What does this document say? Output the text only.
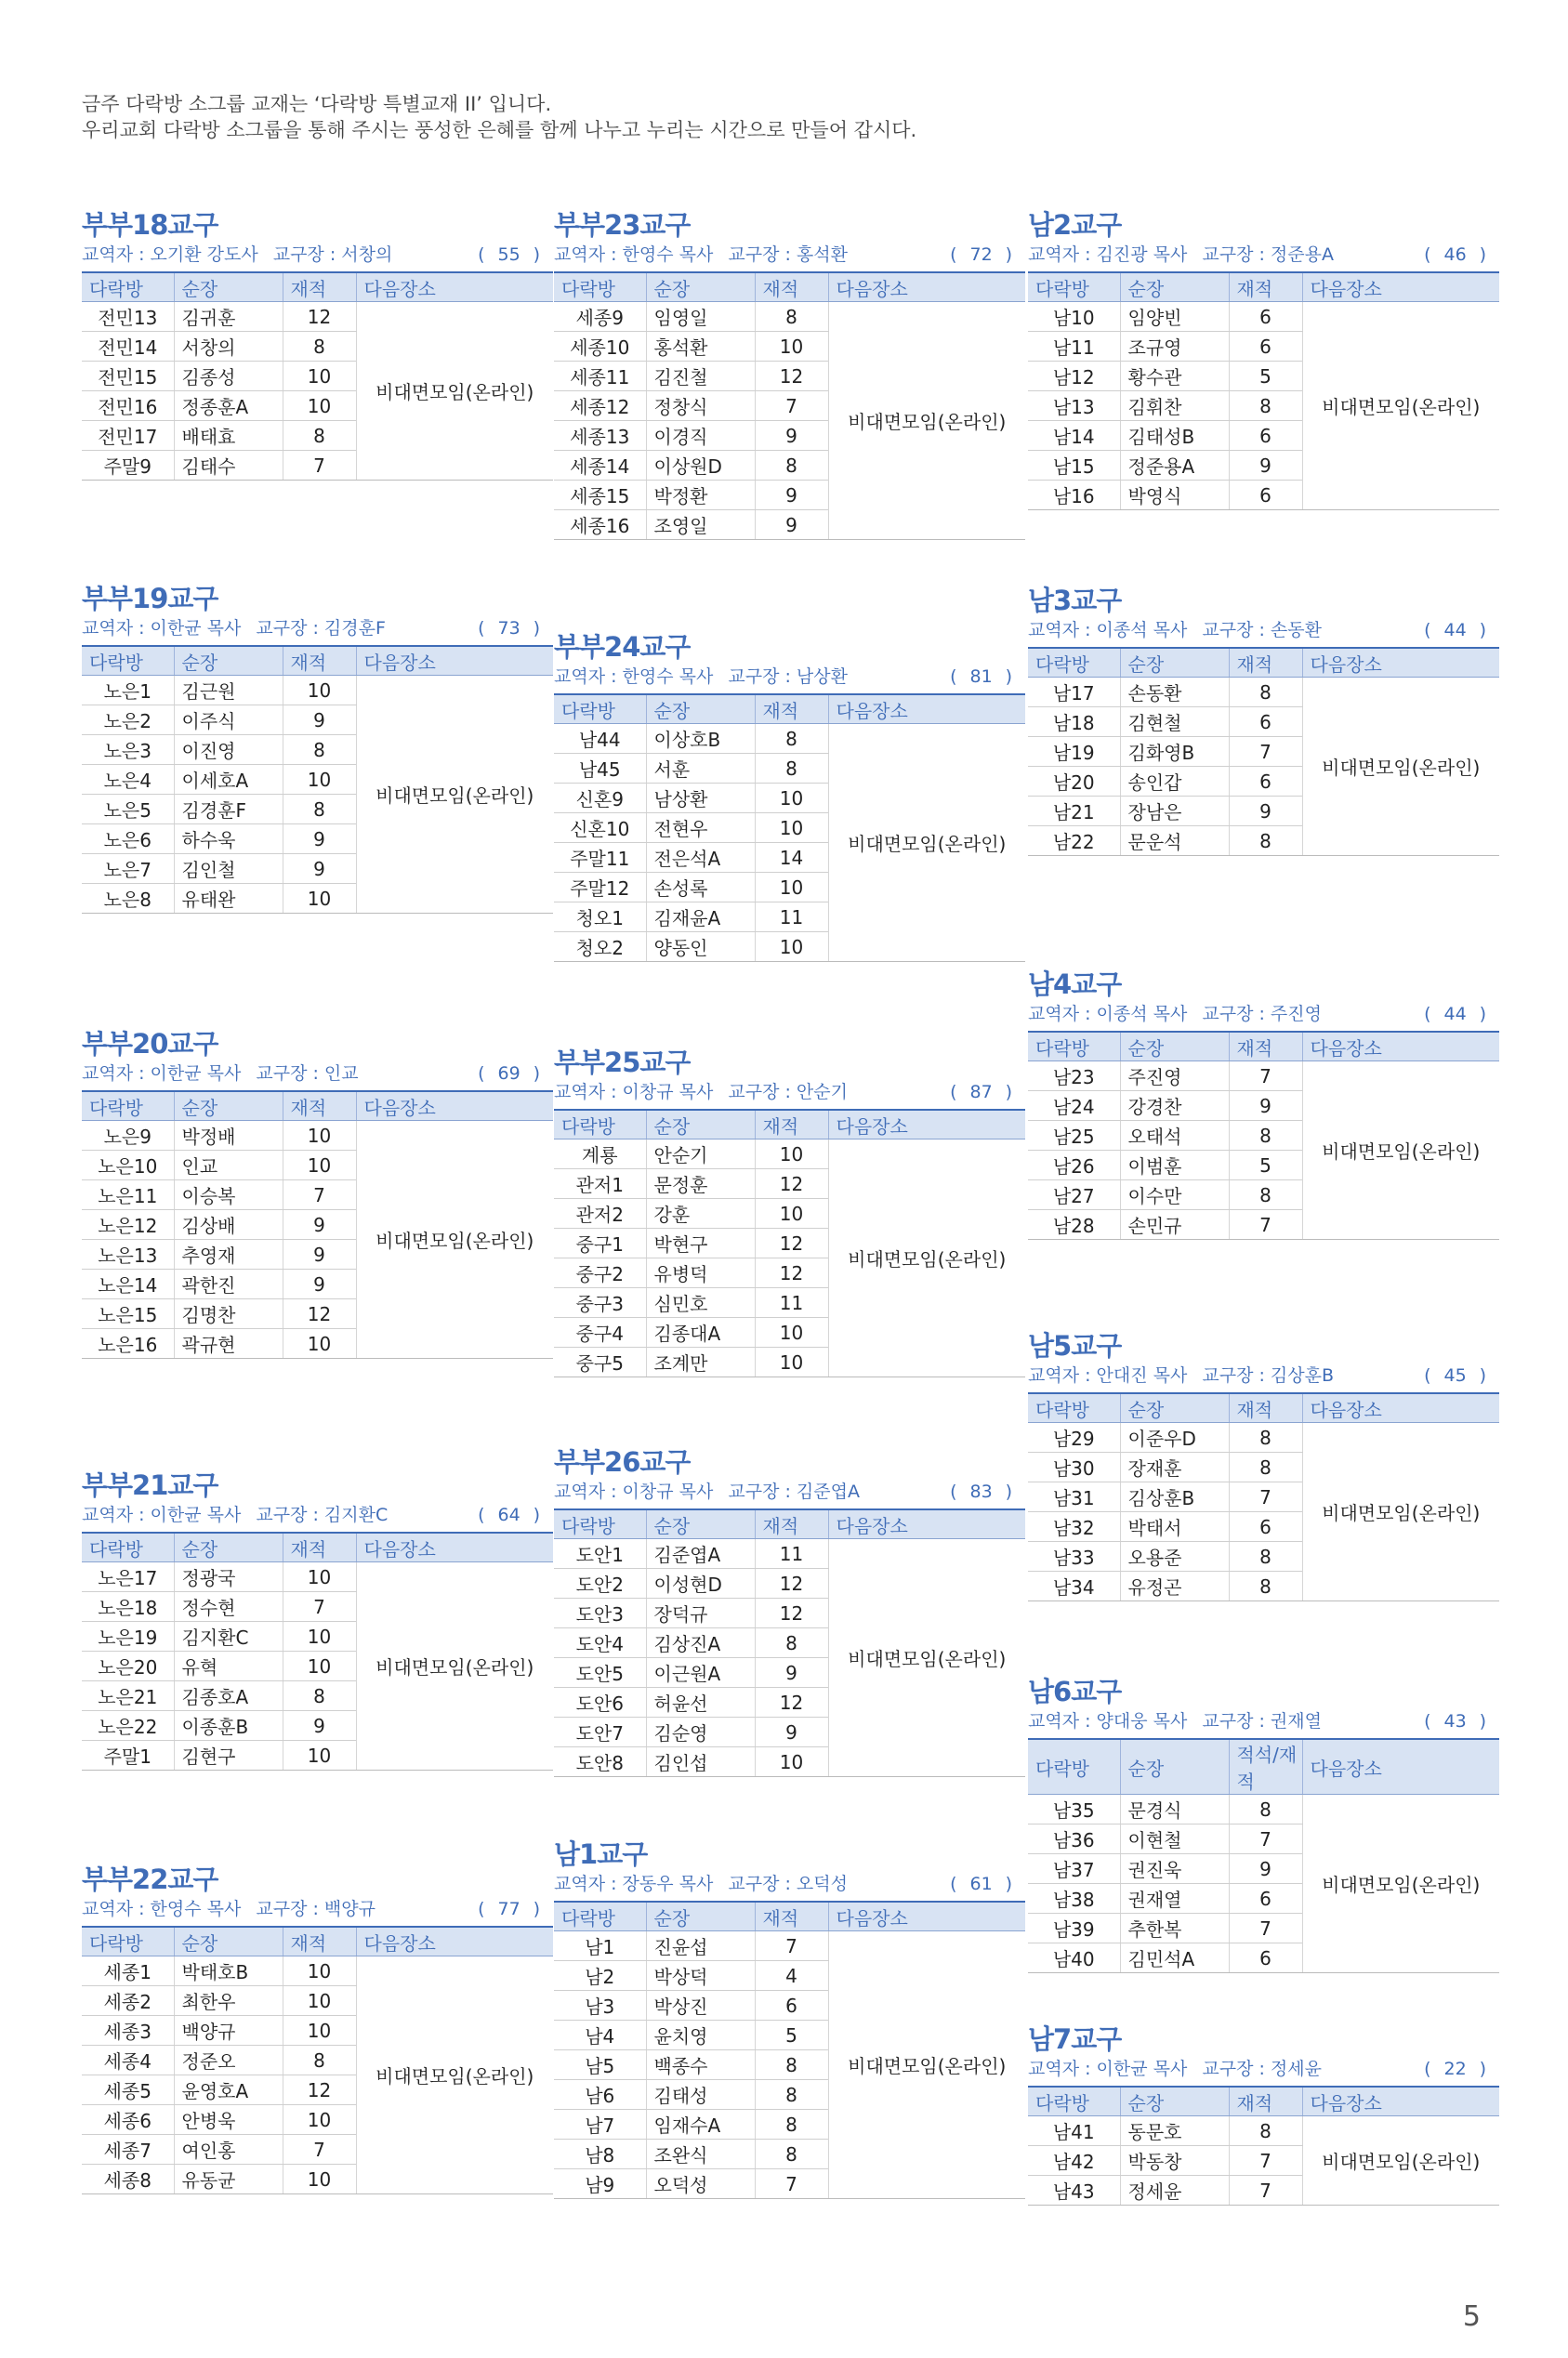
금주 다락방 소그룹 교재는 ‘다락방 특별교재 II’ 입니다.
우리교회 다락방 소그룹을 통해 주시는 풍성한 은혜를 함께 나누고 누리는 시간으로 만들어 갑시다.
부부18교구
교역자 : 오기환 강도사 교구장 : 서창의	( 55 )
다락방	순장	재적	다음장소
전민13	김귀훈	12	비대면모임(온라인)
전민14	서창의	8	
전민15	김종성	10	
전민16	정종훈A	10	
전민17	배태효	8	
주말9	김태수	7	
부부19교구
교역자 : 이한균 목사 교구장 : 김경훈F	( 73 )
다락방	순장	재적	다음장소
노은1	김근원	10	비대면모임(온라인)
노은2	이주식	9	
노은3	이진영	8	
노은4	이세호A	10	
노은5	김경훈F	8	
노은6	하수욱	9	
노은7	김인철	9	
노은8	유태완	10	
부부20교구
교역자 : 이한균 목사 교구장 : 인교	( 69 )
다락방	순장	재적	다음장소
노은9	박정배	10	비대면모임(온라인)
노은10	인교	10	
노은11	이승복	7	
노은12	김상배	9	
노은13	추영재	9	
노은14	곽한진	9	
노은15	김명찬	12	
노은16	곽규현	10	
부부21교구
교역자 : 이한균 목사 교구장 : 김지환C	( 64 )
다락방	순장	재적	다음장소
노은17	정광국	10	비대면모임(온라인)
노은18	정수현	7	
노은19	김지환C	10	
노은20	유혁	10	
노은21	김종호A	8	
노은22	이종훈B	9	
주말1	김현구	10	
부부22교구
교역자 : 한영수 목사 교구장 : 백양규	( 77 )
다락방	순장	재적	다음장소
세종1	박태호B	10	비대면모임(온라인)
세종2	최한우	10	
세종3	백양규	10	
세종4	정준오	8	
세종5	윤영호A	12	
세종6	안병욱	10	
세종7	여인홍	7	
세종8	유동균	10	
부부23교구
교역자 : 한영수 목사 교구장 : 홍석환	( 72 )
다락방	순장	재적	다음장소
세종9	임영일	8	비대면모임(온라인)
세종10	홍석환	10	
세종11	김진철	12	
세종12	정창식	7	
세종13	이경직	9	
세종14	이상원D	8	
세종15	박정환	9	
세종16	조영일	9	
부부24교구
교역자 : 한영수 목사 교구장 : 남상환	( 81 )
다락방	순장	재적	다음장소
남44	이상호B	8	비대면모임(온라인)
남45	서훈	8	
신혼9	남상환	10	
신혼10	전현우	10	
주말11	전은석A	14	
주말12	손성록	10	
청오1	김재윤A	11	
청오2	양동인	10	
부부25교구
교역자 : 이창규 목사 교구장 : 안순기	( 87 )
다락방	순장	재적	다음장소
계룡	안순기	10	비대면모임(온라인)
관저1	문정훈	12	
관저2	강훈	10	
중구1	박현구	12	
중구2	유병덕	12	
중구3	심민호	11	
중구4	김종대A	10	
중구5	조계만	10	
부부26교구
교역자 : 이창규 목사 교구장 : 김준엽A	( 83 )
다락방	순장	재적	다음장소
도안1	김준엽A	11	비대면모임(온라인)
도안2	이성현D	12	
도안3	장덕규	12	
도안4	김상진A	8	
도안5	이근원A	9	
도안6	허윤선	12	
도안7	김순영	9	
도안8	김인섭	10	
남1교구
교역자 : 장동우 목사 교구장 : 오덕성	( 61 )
다락방	순장	재적	다음장소
남1	진윤섭	7	비대면모임(온라인)
남2	박상덕	4	
남3	박상진	6	
남4	윤치영	5	
남5	백종수	8	
남6	김태성	8	
남7	임재수A	8	
남8	조완식	8	
남9	오덕성	7	
남2교구
교역자 : 김진광 목사 교구장 : 정준용A	( 46 )
다락방	순장	재적	다음장소
남10	임양빈	6	비대면모임(온라인)
남11	조규영	6	
남12	황수관	5	
남13	김휘찬	8	
남14	김태성B	6	
남15	정준용A	9	
남16	박영식	6	
남3교구
교역자 : 이종석 목사 교구장 : 손동환	( 44 )
다락방	순장	재적	다음장소
남17	손동환	8	비대면모임(온라인)
남18	김현철	6	
남19	김화영B	7	
남20	송인갑	6	
남21	장남은	9	
남22	문운석	8	
남4교구
교역자 : 이종석 목사 교구장 : 주진영	( 44 )
다락방	순장	재적	다음장소
남23	주진영	7	비대면모임(온라인)
남24	강경찬	9	
남25	오태석	8	
남26	이범훈	5	
남27	이수만	8	
남28	손민규	7	
남5교구
교역자 : 안대진 목사 교구장 : 김상훈B	( 45 )
다락방	순장	재적	다음장소
남29	이준우D	8	비대면모임(온라인)
남30	장재훈	8	
남31	김상훈B	7	
남32	박태서	6	
남33	오용준	8	
남34	유정곤	8	
남6교구
교역자 : 양대웅 목사 교구장 : 권재열	( 43 )
다락방	순장	적석/재적	다음장소
남35	문경식	8	비대면모임(온라인)
남36	이현철	7	
남37	권진욱	9	
남38	권재열	6	
남39	추한복	7	
남40	김민석A	6	
남7교구
교역자 : 이한균 목사 교구장 : 정세윤	( 22 )
다락방	순장	재적	다음장소
남41	동문호	8	비대면모임(온라인)
남42	박동창	7	
남43	정세윤	7	
5
